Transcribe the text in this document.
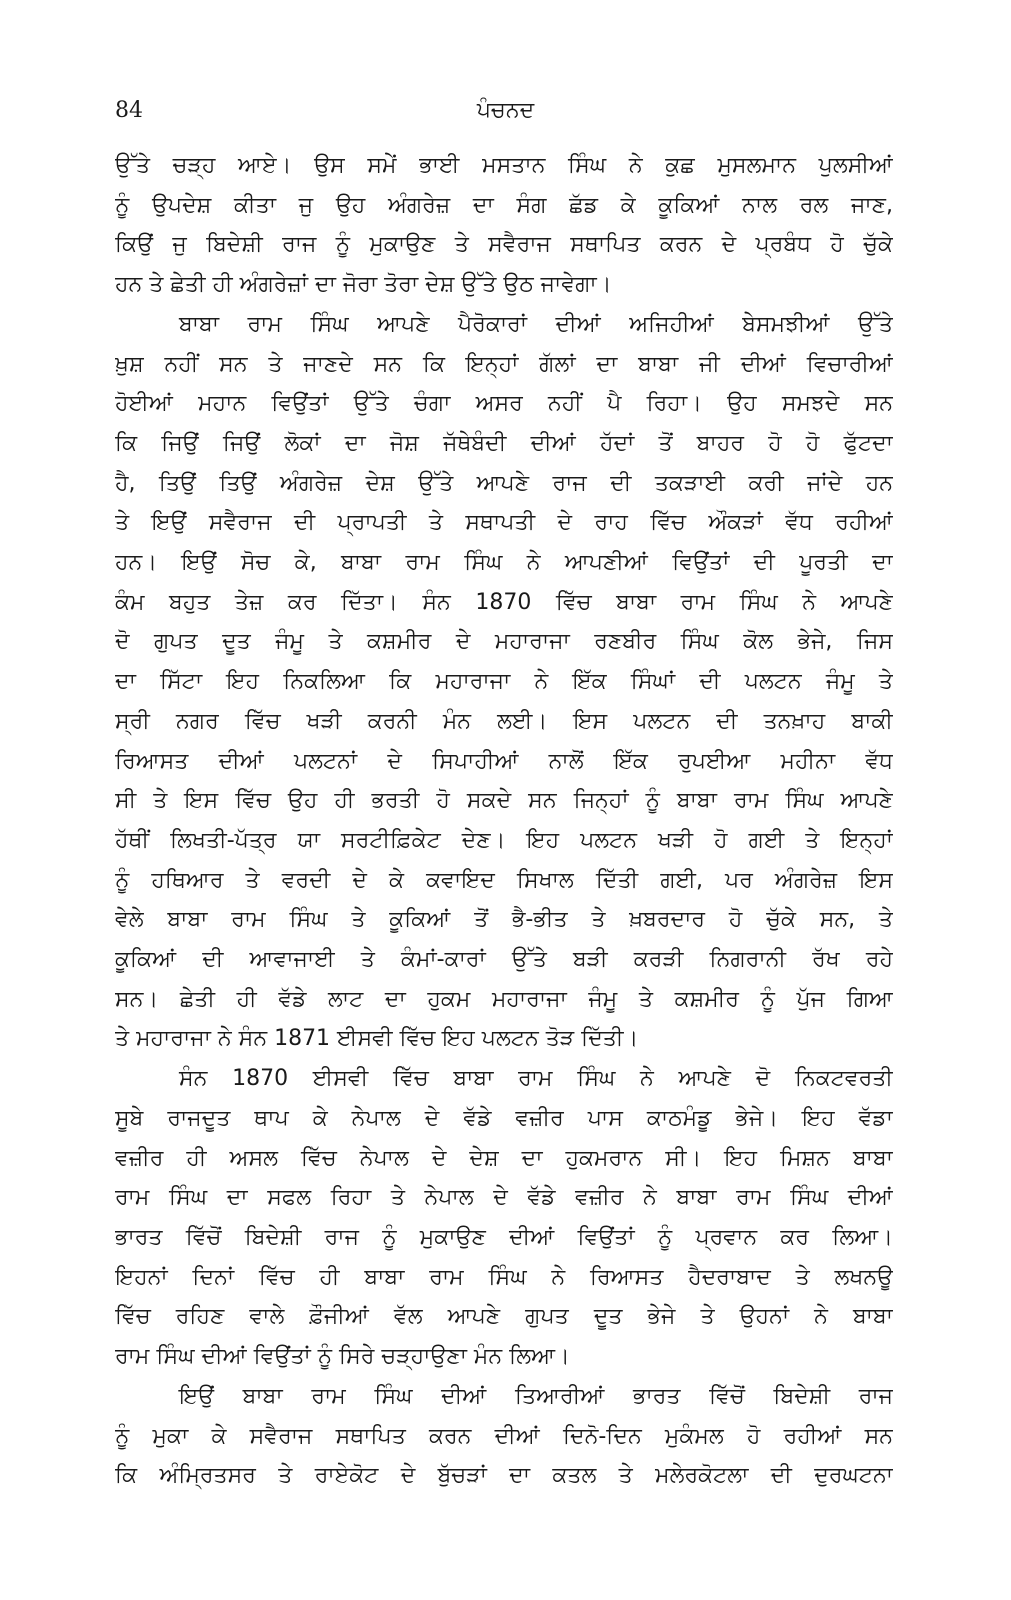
84	ਪੰਚਨਦ

ਉੱਤੇ ਚੜ੍ਹ ਆਏ। ਉਸ ਸਮੇਂ ਭਾਈ ਮਸਤਾਨ ਸਿੰਘ ਨੇ ਕੁਛ ਮੁਸਲਮਾਨ ਪੁਲਸੀਆਂ
ਨੂੰ ਉਪਦੇਸ਼ ਕੀਤਾ ਜੁ ਉਹ ਅੰਗਰੇਜ਼ ਦਾ ਸੰਗ ਛੱਡ ਕੇ ਕੂਕਿਆਂ ਨਾਲ ਰਲ ਜਾਣ,
ਕਿਉਂ ਜੁ ਬਿਦੇਸ਼ੀ ਰਾਜ ਨੂੰ ਮੁਕਾਉਣ ਤੇ ਸਵੈਰਾਜ ਸਥਾਪਿਤ ਕਰਨ ਦੇ ਪ੍ਰਬੰਧ ਹੋ ਚੁੱਕੇ
ਹਨ ਤੇ ਛੇਤੀ ਹੀ ਅੰਗਰੇਜ਼ਾਂ ਦਾ ਜੋਰਾ ਤੋਰਾ ਦੇਸ਼ ਉੱਤੇ ਉਠ ਜਾਵੇਗਾ।

ਬਾਬਾ ਰਾਮ ਸਿੰਘ ਆਪਣੇ ਪੈਰੋਕਾਰਾਂ ਦੀਆਂ ਅਜਿਹੀਆਂ ਬੇਸਮਝੀਆਂ ਉੱਤੇ
ਖ਼ੁਸ਼ ਨਹੀਂ ਸਨ ਤੇ ਜਾਣਦੇ ਸਨ ਕਿ ਇਨ੍ਹਾਂ ਗੱਲਾਂ ਦਾ ਬਾਬਾ ਜੀ ਦੀਆਂ ਵਿਚਾਰੀਆਂ
ਹੋਈਆਂ ਮਹਾਨ ਵਿਉਂਤਾਂ ਉੱਤੇ ਚੰਗਾ ਅਸਰ ਨਹੀਂ ਪੈ ਰਿਹਾ। ਉਹ ਸਮਝਦੇ ਸਨ
ਕਿ ਜਿਉਂ ਜਿਉਂ ਲੋਕਾਂ ਦਾ ਜੋਸ਼ ਜੱਥੇਬੰਦੀ ਦੀਆਂ ਹੱਦਾਂ ਤੋਂ ਬਾਹਰ ਹੋ ਹੋ ਫੁੱਟਦਾ
ਹੈ, ਤਿਉਂ ਤਿਉਂ ਅੰਗਰੇਜ਼ ਦੇਸ਼ ਉੱਤੇ ਆਪਣੇ ਰਾਜ ਦੀ ਤਕੜਾਈ ਕਰੀ ਜਾਂਦੇ ਹਨ
ਤੇ ਇਉਂ ਸਵੈਰਾਜ ਦੀ ਪ੍ਰਾਪਤੀ ਤੇ ਸਥਾਪਤੀ ਦੇ ਰਾਹ ਵਿੱਚ ਔਕੜਾਂ ਵੱਧ ਰਹੀਆਂ
ਹਨ। ਇਉਂ ਸੋਚ ਕੇ, ਬਾਬਾ ਰਾਮ ਸਿੰਘ ਨੇ ਆਪਣੀਆਂ ਵਿਉਂਤਾਂ ਦੀ ਪੂਰਤੀ ਦਾ
ਕੰਮ ਬਹੁਤ ਤੇਜ਼ ਕਰ ਦਿੱਤਾ। ਸੰਨ 1870 ਵਿੱਚ ਬਾਬਾ ਰਾਮ ਸਿੰਘ ਨੇ ਆਪਣੇ
ਦੋ ਗੁਪਤ ਦੂਤ ਜੰਮੂ ਤੇ ਕਸ਼ਮੀਰ ਦੇ ਮਹਾਰਾਜਾ ਰਣਬੀਰ ਸਿੰਘ ਕੋਲ ਭੇਜੇ, ਜਿਸ
ਦਾ ਸਿੱਟਾ ਇਹ ਨਿਕਲਿਆ ਕਿ ਮਹਾਰਾਜਾ ਨੇ ਇੱਕ ਸਿੰਘਾਂ ਦੀ ਪਲਟਨ ਜੰਮੂ ਤੇ
ਸ੍ਰੀ ਨਗਰ ਵਿੱਚ ਖੜੀ ਕਰਨੀ ਮੰਨ ਲਈ। ਇਸ ਪਲਟਨ ਦੀ ਤਨਖ਼ਾਹ ਬਾਕੀ
ਰਿਆਸਤ ਦੀਆਂ ਪਲਟਨਾਂ ਦੇ ਸਿਪਾਹੀਆਂ ਨਾਲੋਂ ਇੱਕ ਰੁਪਈਆ ਮਹੀਨਾ ਵੱਧ
ਸੀ ਤੇ ਇਸ ਵਿੱਚ ਉਹ ਹੀ ਭਰਤੀ ਹੋ ਸਕਦੇ ਸਨ ਜਿਨ੍ਹਾਂ ਨੂੰ ਬਾਬਾ ਰਾਮ ਸਿੰਘ ਆਪਣੇ
ਹੱਥੀਂ ਲਿਖਤੀ-ਪੱਤ੍ਰ ਯਾ ਸਰਟੀਫ਼ਿਕੇਟ ਦੇਣ। ਇਹ ਪਲਟਨ ਖੜੀ ਹੋ ਗਈ ਤੇ ਇਨ੍ਹਾਂ
ਨੂੰ ਹਥਿਆਰ ਤੇ ਵਰਦੀ ਦੇ ਕੇ ਕਵਾਇਦ ਸਿਖਾਲ ਦਿੱਤੀ ਗਈ, ਪਰ ਅੰਗਰੇਜ਼ ਇਸ
ਵੇਲੇ ਬਾਬਾ ਰਾਮ ਸਿੰਘ ਤੇ ਕੂਕਿਆਂ ਤੋਂ ਭੈ-ਭੀਤ ਤੇ ਖ਼ਬਰਦਾਰ ਹੋ ਚੁੱਕੇ ਸਨ, ਤੇ
ਕੂਕਿਆਂ ਦੀ ਆਵਾਜਾਈ ਤੇ ਕੰਮਾਂ-ਕਾਰਾਂ ਉੱਤੇ ਬੜੀ ਕਰੜੀ ਨਿਗਰਾਨੀ ਰੱਖ ਰਹੇ
ਸਨ। ਛੇਤੀ ਹੀ ਵੱਡੇ ਲਾਟ ਦਾ ਹੁਕਮ ਮਹਾਰਾਜਾ ਜੰਮੂ ਤੇ ਕਸ਼ਮੀਰ ਨੂੰ ਪੁੱਜ ਗਿਆ
ਤੇ ਮਹਾਰਾਜਾ ਨੇ ਸੰਨ 1871 ਈਸਵੀ ਵਿੱਚ ਇਹ ਪਲਟਨ ਤੋੜ ਦਿੱਤੀ।

ਸੰਨ 1870 ਈਸਵੀ ਵਿੱਚ ਬਾਬਾ ਰਾਮ ਸਿੰਘ ਨੇ ਆਪਣੇ ਦੋ ਨਿਕਟਵਰਤੀ
ਸੂਬੇ ਰਾਜਦੂਤ ਥਾਪ ਕੇ ਨੇਪਾਲ ਦੇ ਵੱਡੇ ਵਜ਼ੀਰ ਪਾਸ ਕਾਠਮੰਡੂ ਭੇਜੇ। ਇਹ ਵੱਡਾ
ਵਜ਼ੀਰ ਹੀ ਅਸਲ ਵਿੱਚ ਨੇਪਾਲ ਦੇ ਦੇਸ਼ ਦਾ ਹੁਕਮਰਾਨ ਸੀ। ਇਹ ਮਿਸ਼ਨ ਬਾਬਾ
ਰਾਮ ਸਿੰਘ ਦਾ ਸਫਲ ਰਿਹਾ ਤੇ ਨੇਪਾਲ ਦੇ ਵੱਡੇ ਵਜ਼ੀਰ ਨੇ ਬਾਬਾ ਰਾਮ ਸਿੰਘ ਦੀਆਂ
ਭਾਰਤ ਵਿੱਚੋਂ ਬਿਦੇਸ਼ੀ ਰਾਜ ਨੂੰ ਮੁਕਾਉਣ ਦੀਆਂ ਵਿਉਂਤਾਂ ਨੂੰ ਪ੍ਰਵਾਨ ਕਰ ਲਿਆ।
ਇਹਨਾਂ ਦਿਨਾਂ ਵਿੱਚ ਹੀ ਬਾਬਾ ਰਾਮ ਸਿੰਘ ਨੇ ਰਿਆਸਤ ਹੈਦਰਾਬਾਦ ਤੇ ਲਖਨਊ
ਵਿੱਚ ਰਹਿਣ ਵਾਲੇ ਫ਼ੌਜੀਆਂ ਵੱਲ ਆਪਣੇ ਗੁਪਤ ਦੂਤ ਭੇਜੇ ਤੇ ਉਹਨਾਂ ਨੇ ਬਾਬਾ
ਰਾਮ ਸਿੰਘ ਦੀਆਂ ਵਿਉਂਤਾਂ ਨੂੰ ਸਿਰੇ ਚੜ੍ਹਾਉਣਾ ਮੰਨ ਲਿਆ।

ਇਉਂ ਬਾਬਾ ਰਾਮ ਸਿੰਘ ਦੀਆਂ ਤਿਆਰੀਆਂ ਭਾਰਤ ਵਿੱਚੋਂ ਬਿਦੇਸ਼ੀ ਰਾਜ
ਨੂੰ ਮੁਕਾ ਕੇ ਸਵੈਰਾਜ ਸਥਾਪਿਤ ਕਰਨ ਦੀਆਂ ਦਿਨੋ-ਦਿਨ ਮੁਕੰਮਲ ਹੋ ਰਹੀਆਂ ਸਨ
ਕਿ ਅੰਮ੍ਰਿਤਸਰ ਤੇ ਰਾਏਕੋਟ ਦੇ ਬੁੱਚੜਾਂ ਦਾ ਕਤਲ ਤੇ ਮਲੇਰਕੋਟਲਾ ਦੀ ਦੁਰਘਟਨਾ
